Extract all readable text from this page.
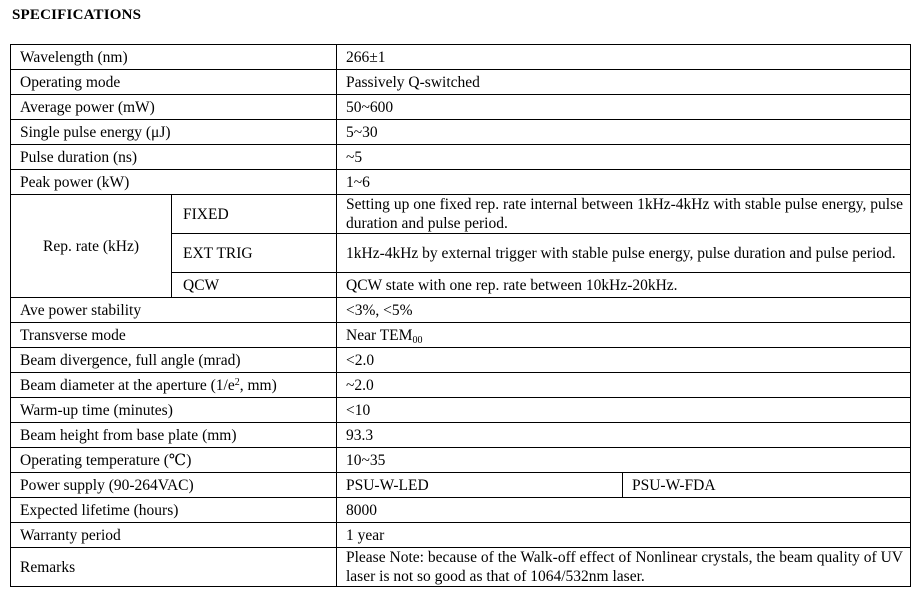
SPECIFICATIONS
Wavelength (nm)		266±1	
Operating mode		Passively Q-switched	
Average power (mW)		50~600	
Single pulse energy (μJ)		5~30	
Pulse duration (ns)		~5	
Peak power (kW)		1~6	
Rep. rate (kHz)	FIXED	Setting up one fixed rep. rate internal between 1kHz-4kHz with stable pulse energy, pulse duration and pulse period.	
	EXT TRIG	1kHz-4kHz by external trigger with stable pulse energy, pulse duration and pulse period.	
	QCW	QCW state with one rep. rate between 10kHz-20kHz.	
Ave power stability		<3%, <5%	
Transverse mode		Near $TEM_{00}$
Beam divergence, full angle (mrad)		<2.0	
Beam diameter at the aperture ($1/e^2$, mm)		~2.0	
Warm-up time (minutes)		<10	
Beam height from base plate (mm)		93.3	
Operating temperature (℃)		10~35	
Power supply (90-264VAC)		PSU-W-LED	PSU-W-FDA
Expected lifetime (hours)		8000	
Warranty period		1 year	
Remarks		Please Note: because of the Walk-off effect of Nonlinear crystals, the beam quality of UV laser is not so good as that of 1064/532nm laser.	
